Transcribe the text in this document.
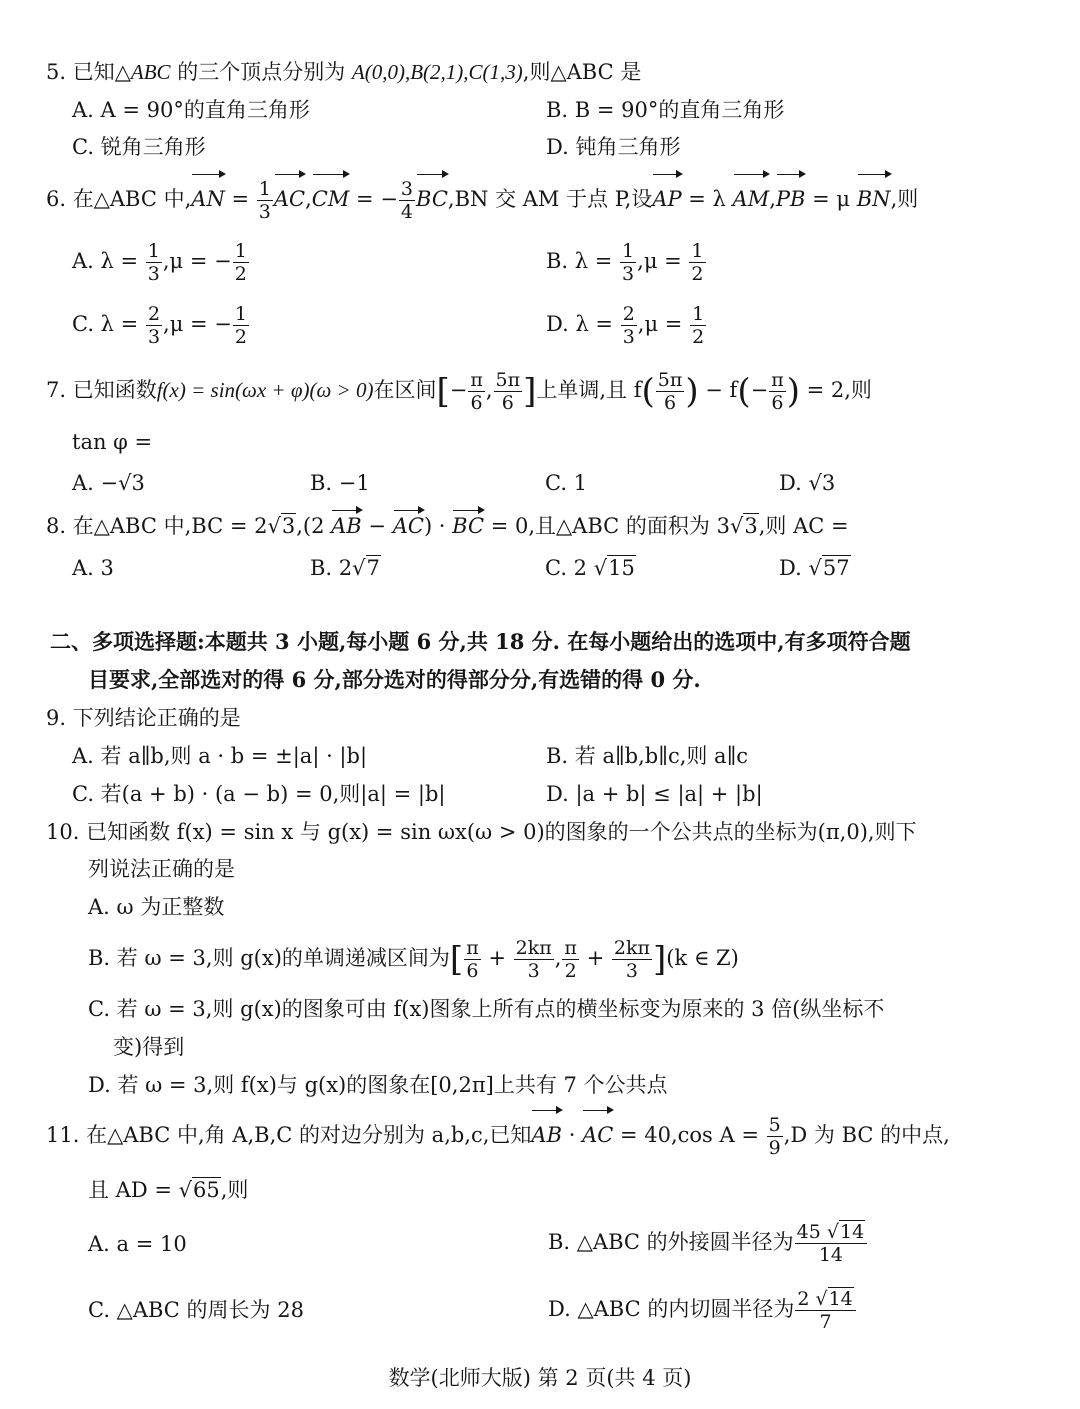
5. 已知△ABC 的三个顶点分别为 A(0,0),B(2,1),C(1,3),则△ABC 是
A. A = 90°的直角三角形	B. B = 90°的直角三角形
C. 锐角三角形	D. 钝角三角形
6. 在△ABC 中$,AN = \frac{1}{3} AC,CM$ = − $\frac{3}{4} BC,BN$ 交 AM 于点 P,设AP = λ AM,PB = μ BN,则
A. $\lambda = \frac{1}{3} ,\mu$ = − $\frac{1}{2}$	B. $\lambda = \frac{1}{3} ,\mu = \frac{1}{2}$
C. $\lambda = \frac{2}{3} ,\mu$ = − $\frac{1}{2}$	D. $\lambda = \frac{2}{3} ,\mu = \frac{1}{2}$
7. 已知函数f(x) = sin(ωx + φ)(ω > 0)在区间[− $\frac{\pi}{6}$ , $\frac{5\pi}{6}$ ]上单调,且 $f( \frac{5\pi}{6}$ ) − $f(- \frac{\pi}{6}$ ) = 2,则
tan φ =
A. −√3	B. −1	C. 1	D. √3
8. 在△ABC 中,BC = 2√3,(2 AB − AC) · BC = 0,且△ABC 的面积为 3√3,则 AC =
A. 3	B. 2√7	C. 2 √15	D. √57
二、多项选择题:本题共 3 小题,每小题 6 分,共 18 分. 在每小题给出的选项中,有多项符合题
目要求,全部选对的得 6 分,部分选对的得部分分,有选错的得 0 分.
9. 下列结论正确的是
A. 若 a∥b,则 a · b = ±|a| · |b|	B. 若 a∥b,b∥c,则 a∥c
C. 若(a + b) · (a − b) = 0,则|a| = |b|	D. |a + b| ≤ |a| + |b|
10. 已知函数 f(x) = sin x 与 g(x) = sin ωx(ω > 0)的图象的一个公共点的坐标为(π,0),则下
列说法正确的是
A. ω 为正整数
B. 若 ω = 3,则 g(x)的单调递减区间为[ $\frac{\pi}{6} + \frac{2k\pi}{3}$ , $\frac{\pi}{2} + \frac{2k\pi}{3} ](k$ ∈ Z)
C. 若 ω = 3,则 g(x)的图象可由 f(x)图象上所有点的横坐标变为原来的 3 倍(纵坐标不
变)得到
D. 若 ω = 3,则 f(x)与 g(x)的图象在[0,2π]上共有 7 个公共点
11. 在△ABC 中,角 A,B,C 的对边分别为 a,b,c,已知AB · AC = 40,cos $A = \frac{5}{9} ,D$ 为 BC 的中点,
且 AD = √65,则
A. a = 10	B. △ABC 的外接圆半径为 $\frac{45 √14}{14}$
C. △ABC 的周长为 28	D. △ABC 的内切圆半径为 $\frac{2 √14}{7}$
数学(北师大版) 第 2 页(共 4 页)
